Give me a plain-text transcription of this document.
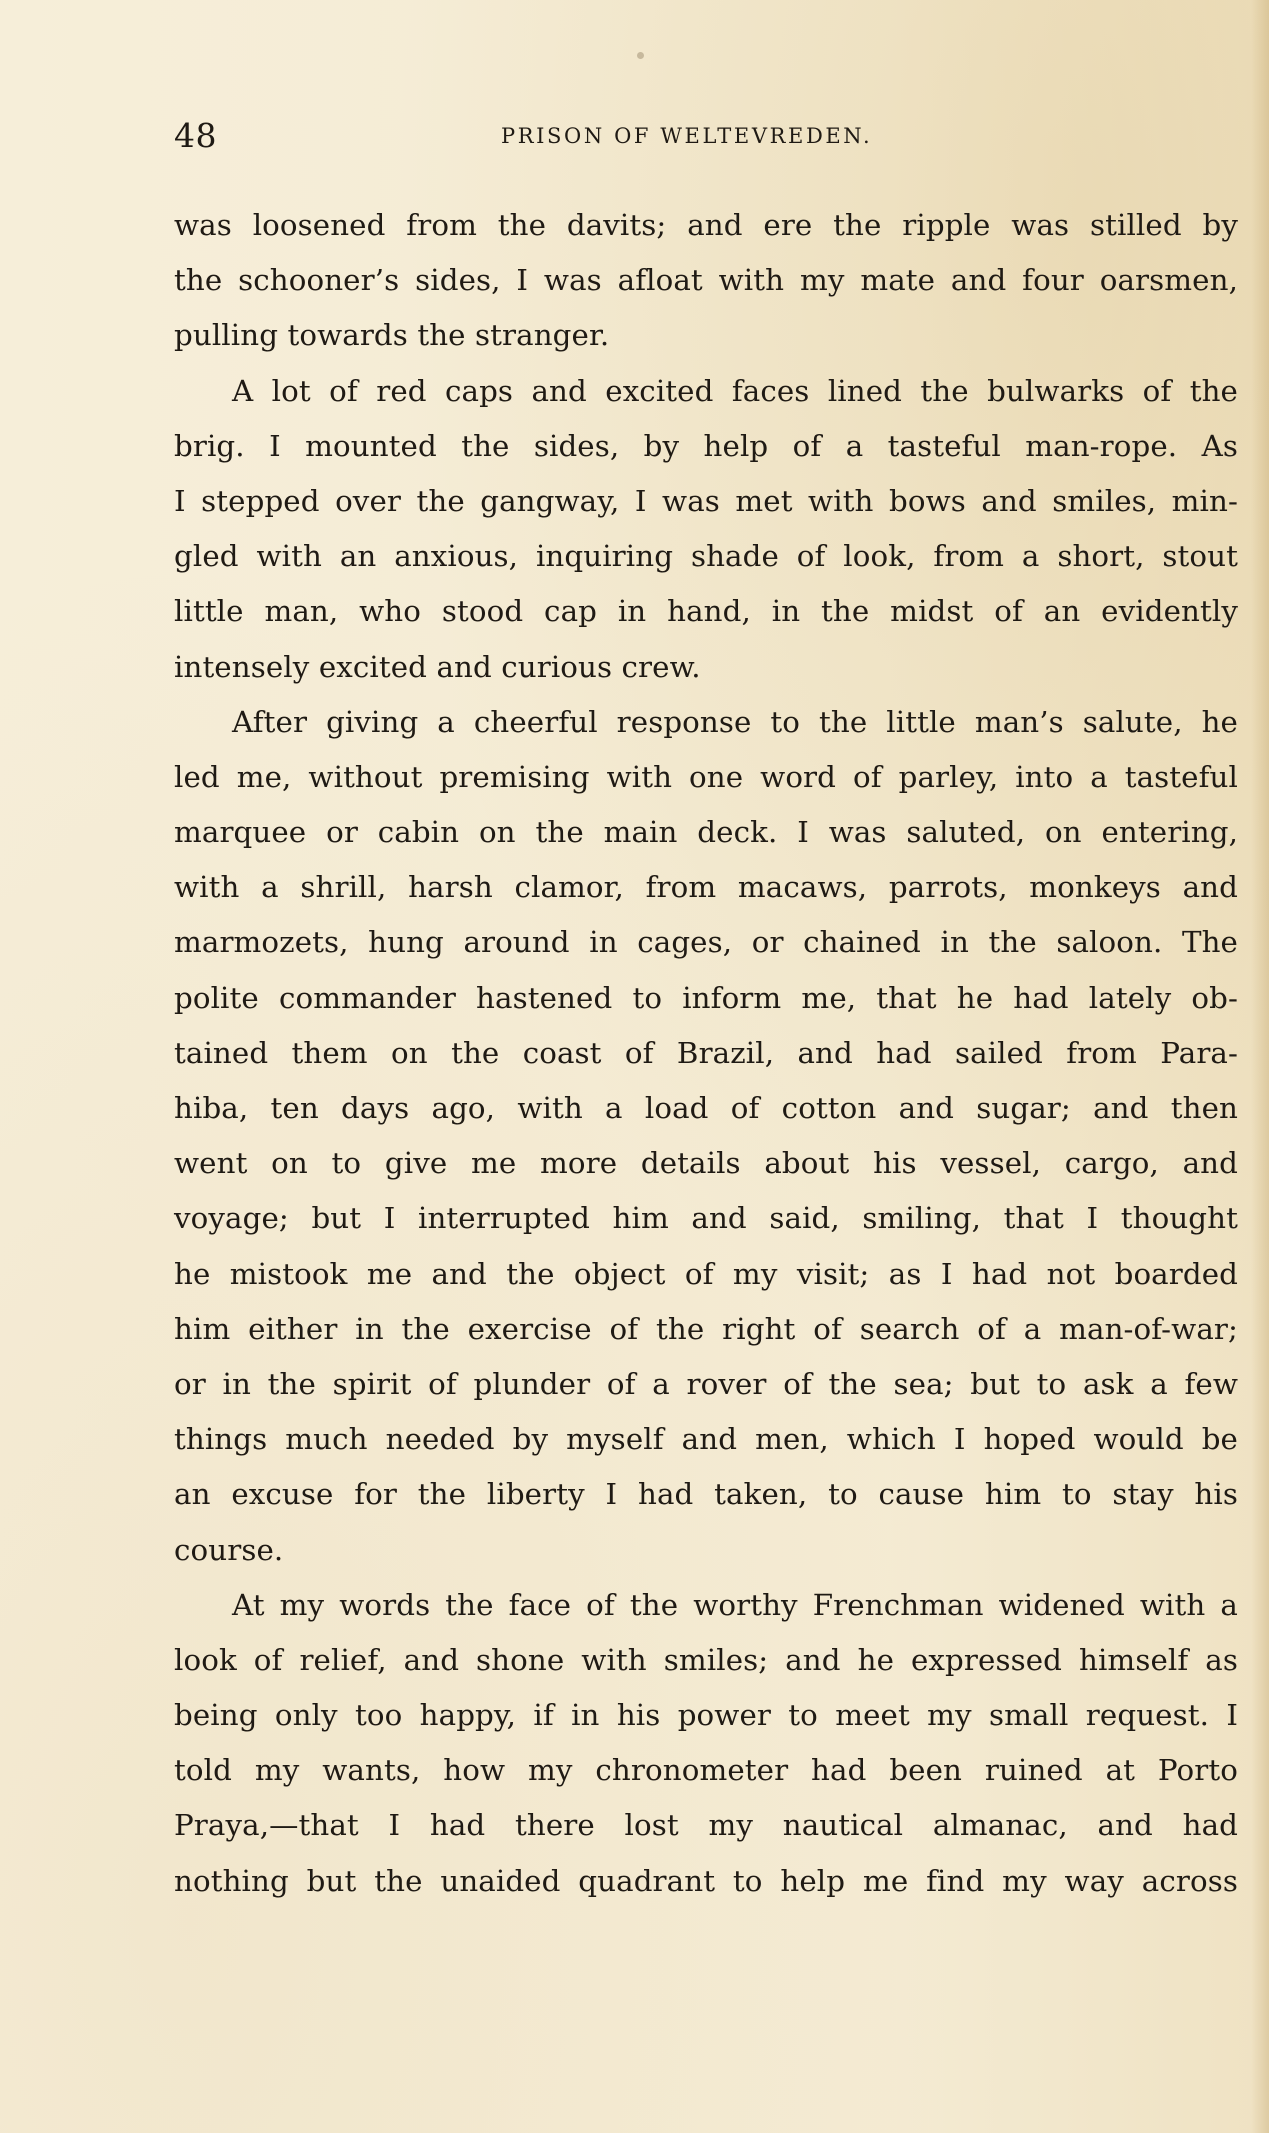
48	PRISON OF WELTEVREDEN.
was loosened from the davits; and ere the ripple was stilled by
the schooner’s sides, I was afloat with my mate and four oarsmen,
pulling towards the stranger.
A lot of red caps and excited faces lined the bulwarks of the
brig. I mounted the sides, by help of a tasteful man-rope. As
I stepped over the gangway, I was met with bows and smiles, min-
gled with an anxious, inquiring shade of look, from a short, stout
little man, who stood cap in hand, in the midst of an evidently
intensely excited and curious crew.
After giving a cheerful response to the little man’s salute, he
led me, without premising with one word of parley, into a tasteful
marquee or cabin on the main deck. I was saluted, on entering,
with a shrill, harsh clamor, from macaws, parrots, monkeys and
marmozets, hung around in cages, or chained in the saloon. The
polite commander hastened to inform me, that he had lately ob-
tained them on the coast of Brazil, and had sailed from Para-
hiba, ten days ago, with a load of cotton and sugar; and then
went on to give me more details about his vessel, cargo, and
voyage; but I interrupted him and said, smiling, that I thought
he mistook me and the object of my visit; as I had not boarded
him either in the exercise of the right of search of a man-of-war;
or in the spirit of plunder of a rover of the sea; but to ask a few
things much needed by myself and men, which I hoped would be
an excuse for the liberty I had taken, to cause him to stay his
course.
At my words the face of the worthy Frenchman widened with a
look of relief, and shone with smiles; and he expressed himself as
being only too happy, if in his power to meet my small request. I
told my wants, how my chronometer had been ruined at Porto
Praya,—that I had there lost my nautical almanac, and had
nothing but the unaided quadrant to help me find my way across
